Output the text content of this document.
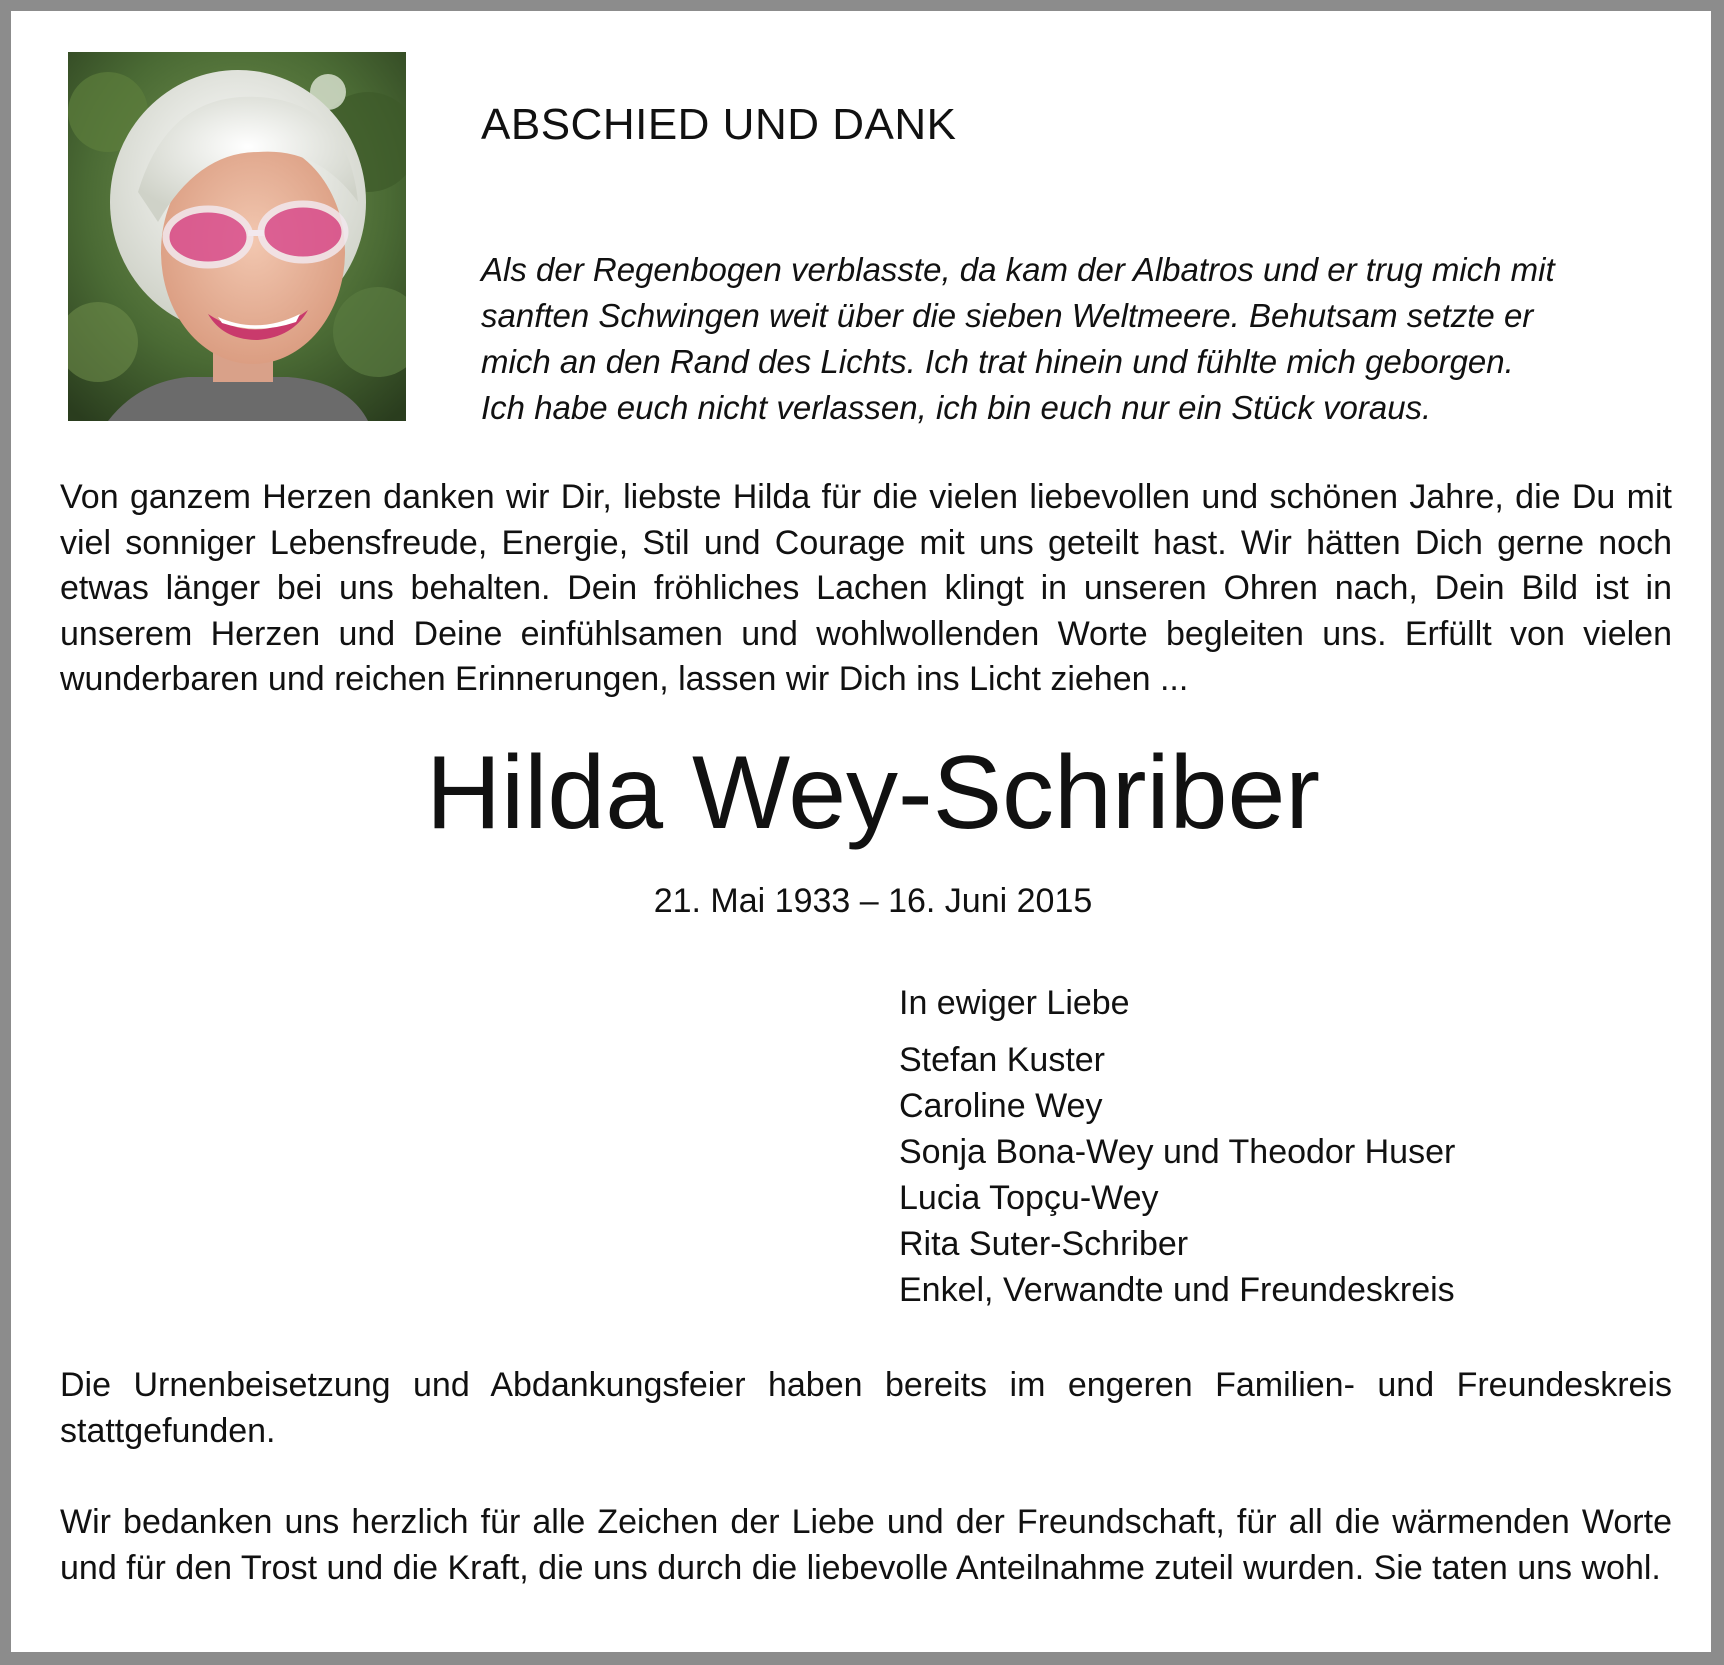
ABSCHIED UND DANK
Als der Regenbogen verblasste, da kam der Albatros und er trug mich mit
sanften Schwingen weit über die sieben Weltmeere. Behutsam setzte er
mich an den Rand des Lichts. Ich trat hinein und fühlte mich geborgen.
Ich habe euch nicht verlassen, ich bin euch nur ein Stück voraus.
Von ganzem Herzen danken wir Dir, liebste Hilda für die vielen liebevollen und schönen Jahre, die Du mit viel sonniger Lebensfreude, Energie, Stil und Courage mit uns geteilt hast. Wir hätten Dich gerne noch etwas länger bei uns behalten. Dein fröhliches Lachen klingt in unseren Ohren nach, Dein Bild ist in unserem Herzen und Deine einfühlsamen und wohlwollenden Worte begleiten uns. Erfüllt von vielen wunderbaren und reichen Erinnerungen, lassen wir Dich ins Licht ziehen ...
Hilda Wey-Schriber
21. Mai 1933 – 16. Juni 2015
In ewiger Liebe
Stefan Kuster
Caroline Wey
Sonja Bona-Wey und Theodor Huser
Lucia Topçu-Wey
Rita Suter-Schriber
Enkel, Verwandte und Freundeskreis
Die Urnenbeisetzung und Abdankungsfeier haben bereits im engeren Familien- und Freundeskreis stattgefunden.
Wir bedanken uns herzlich für alle Zeichen der Liebe und der Freundschaft, für all die wärmenden Worte und für den Trost und die Kraft, die uns durch die liebevolle Anteilnahme zuteil wurden. Sie taten uns wohl.
